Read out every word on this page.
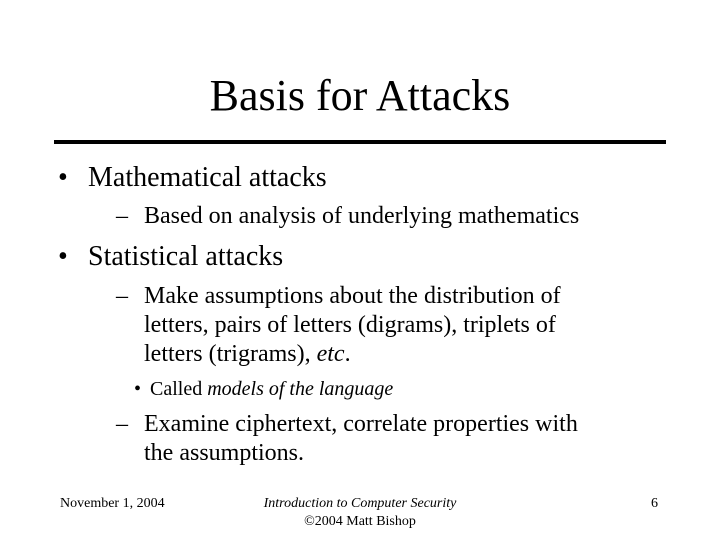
Basis for Attacks
• Mathematical attacks
– Based on analysis of underlying mathematics
• Statistical attacks
– Make assumptions about the distribution of
letters, pairs of letters (digrams), triplets of
letters (trigrams), etc.
• Called models of the language
– Examine ciphertext, correlate properties with
the assumptions.
November 1, 2004	Introduction to Computer Security
©2004 Matt Bishop
6
